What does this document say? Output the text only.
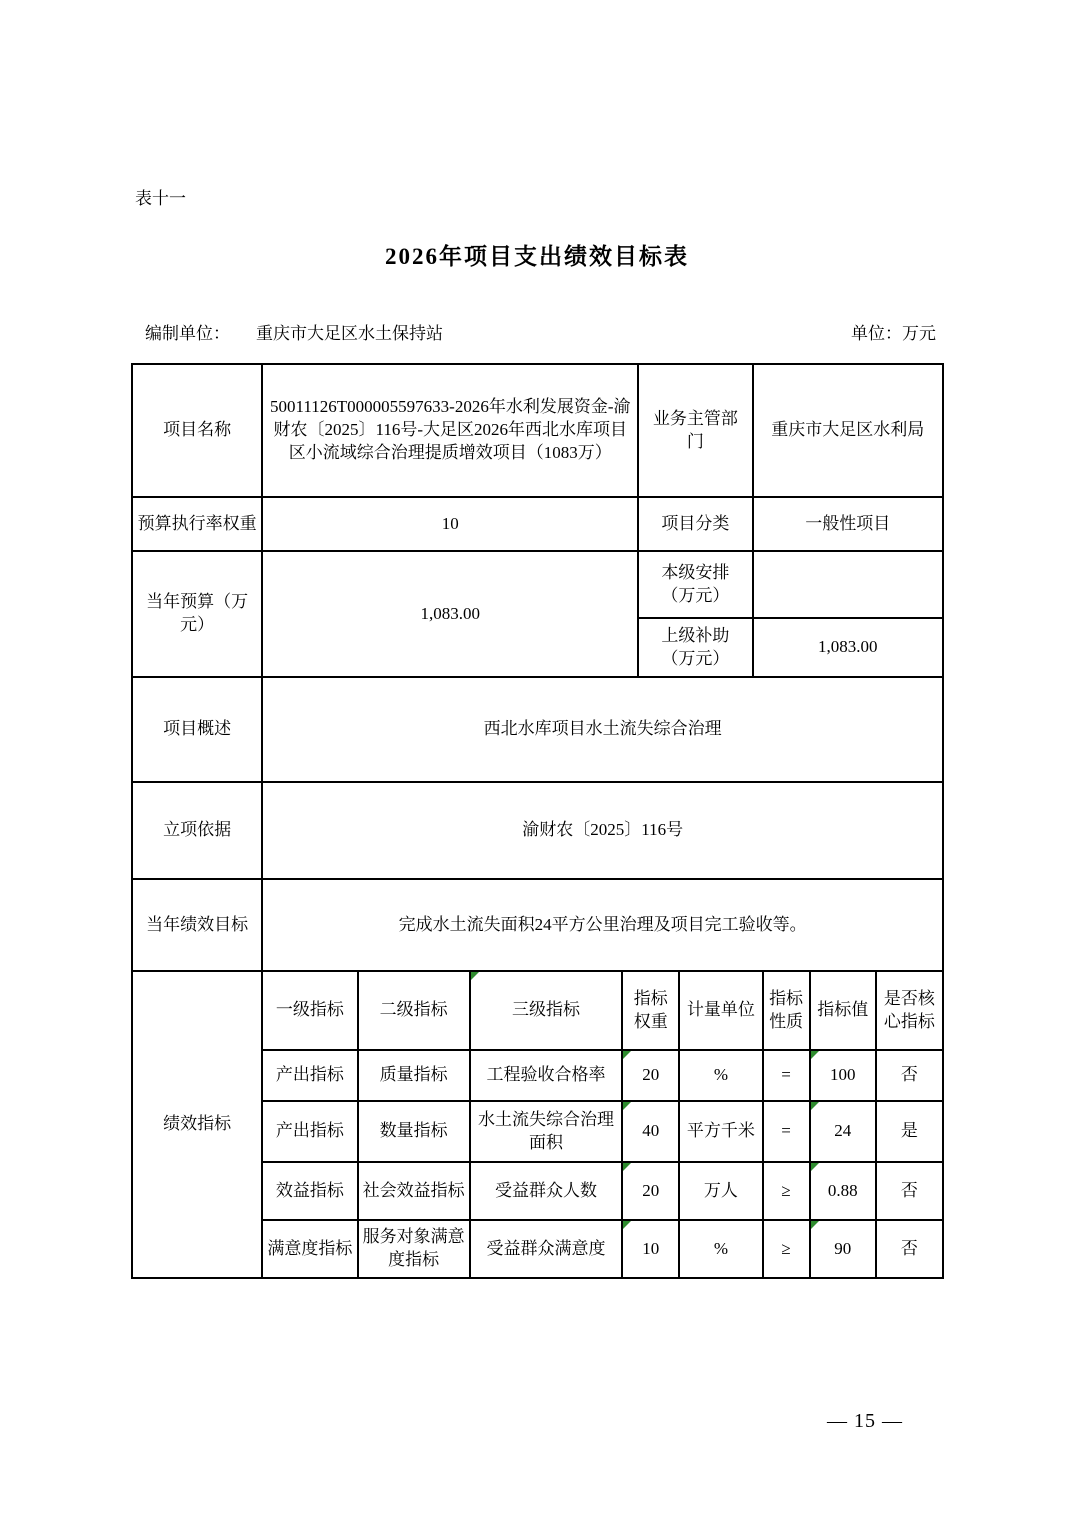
表十一
2026年项目支出绩效目标表
编制单位： 重庆市大足区水土保持站	单位：万元
项目名称	50011126T000005597633-2026年水利发展资金-渝财农〔2025〕116号-大足区2026年西北水库项目区小流域综合治理提质增效项目（1083万）				业务主管部门		重庆市大足区水利局			
预算执行率权重	10				项目分类		一般性项目			
当年预算（万元）	1,083.00				本级安排（万元）					
					上级补助（万元）		1,083.00			
项目概述	西北水库项目水土流失综合治理									
立项依据	渝财农〔2025〕116号									
当年绩效目标	完成水土流失面积24平方公里治理及项目完工验收等。									
绩效指标	一级指标	二级指标	三级指标	指标权重		计量单位		指标性质	指标值	是否核心指标
	产出指标	质量指标	工程验收合格率	20		%		=	100	否
	产出指标	数量指标	水土流失综合治理面积	40		平方千米		=	24	是
	效益指标	社会效益指标	受益群众人数	20		万人		≥	0.88	否
	满意度指标	服务对象满意度指标	受益群众满意度	10		%		≥	90	否
— 15 —
